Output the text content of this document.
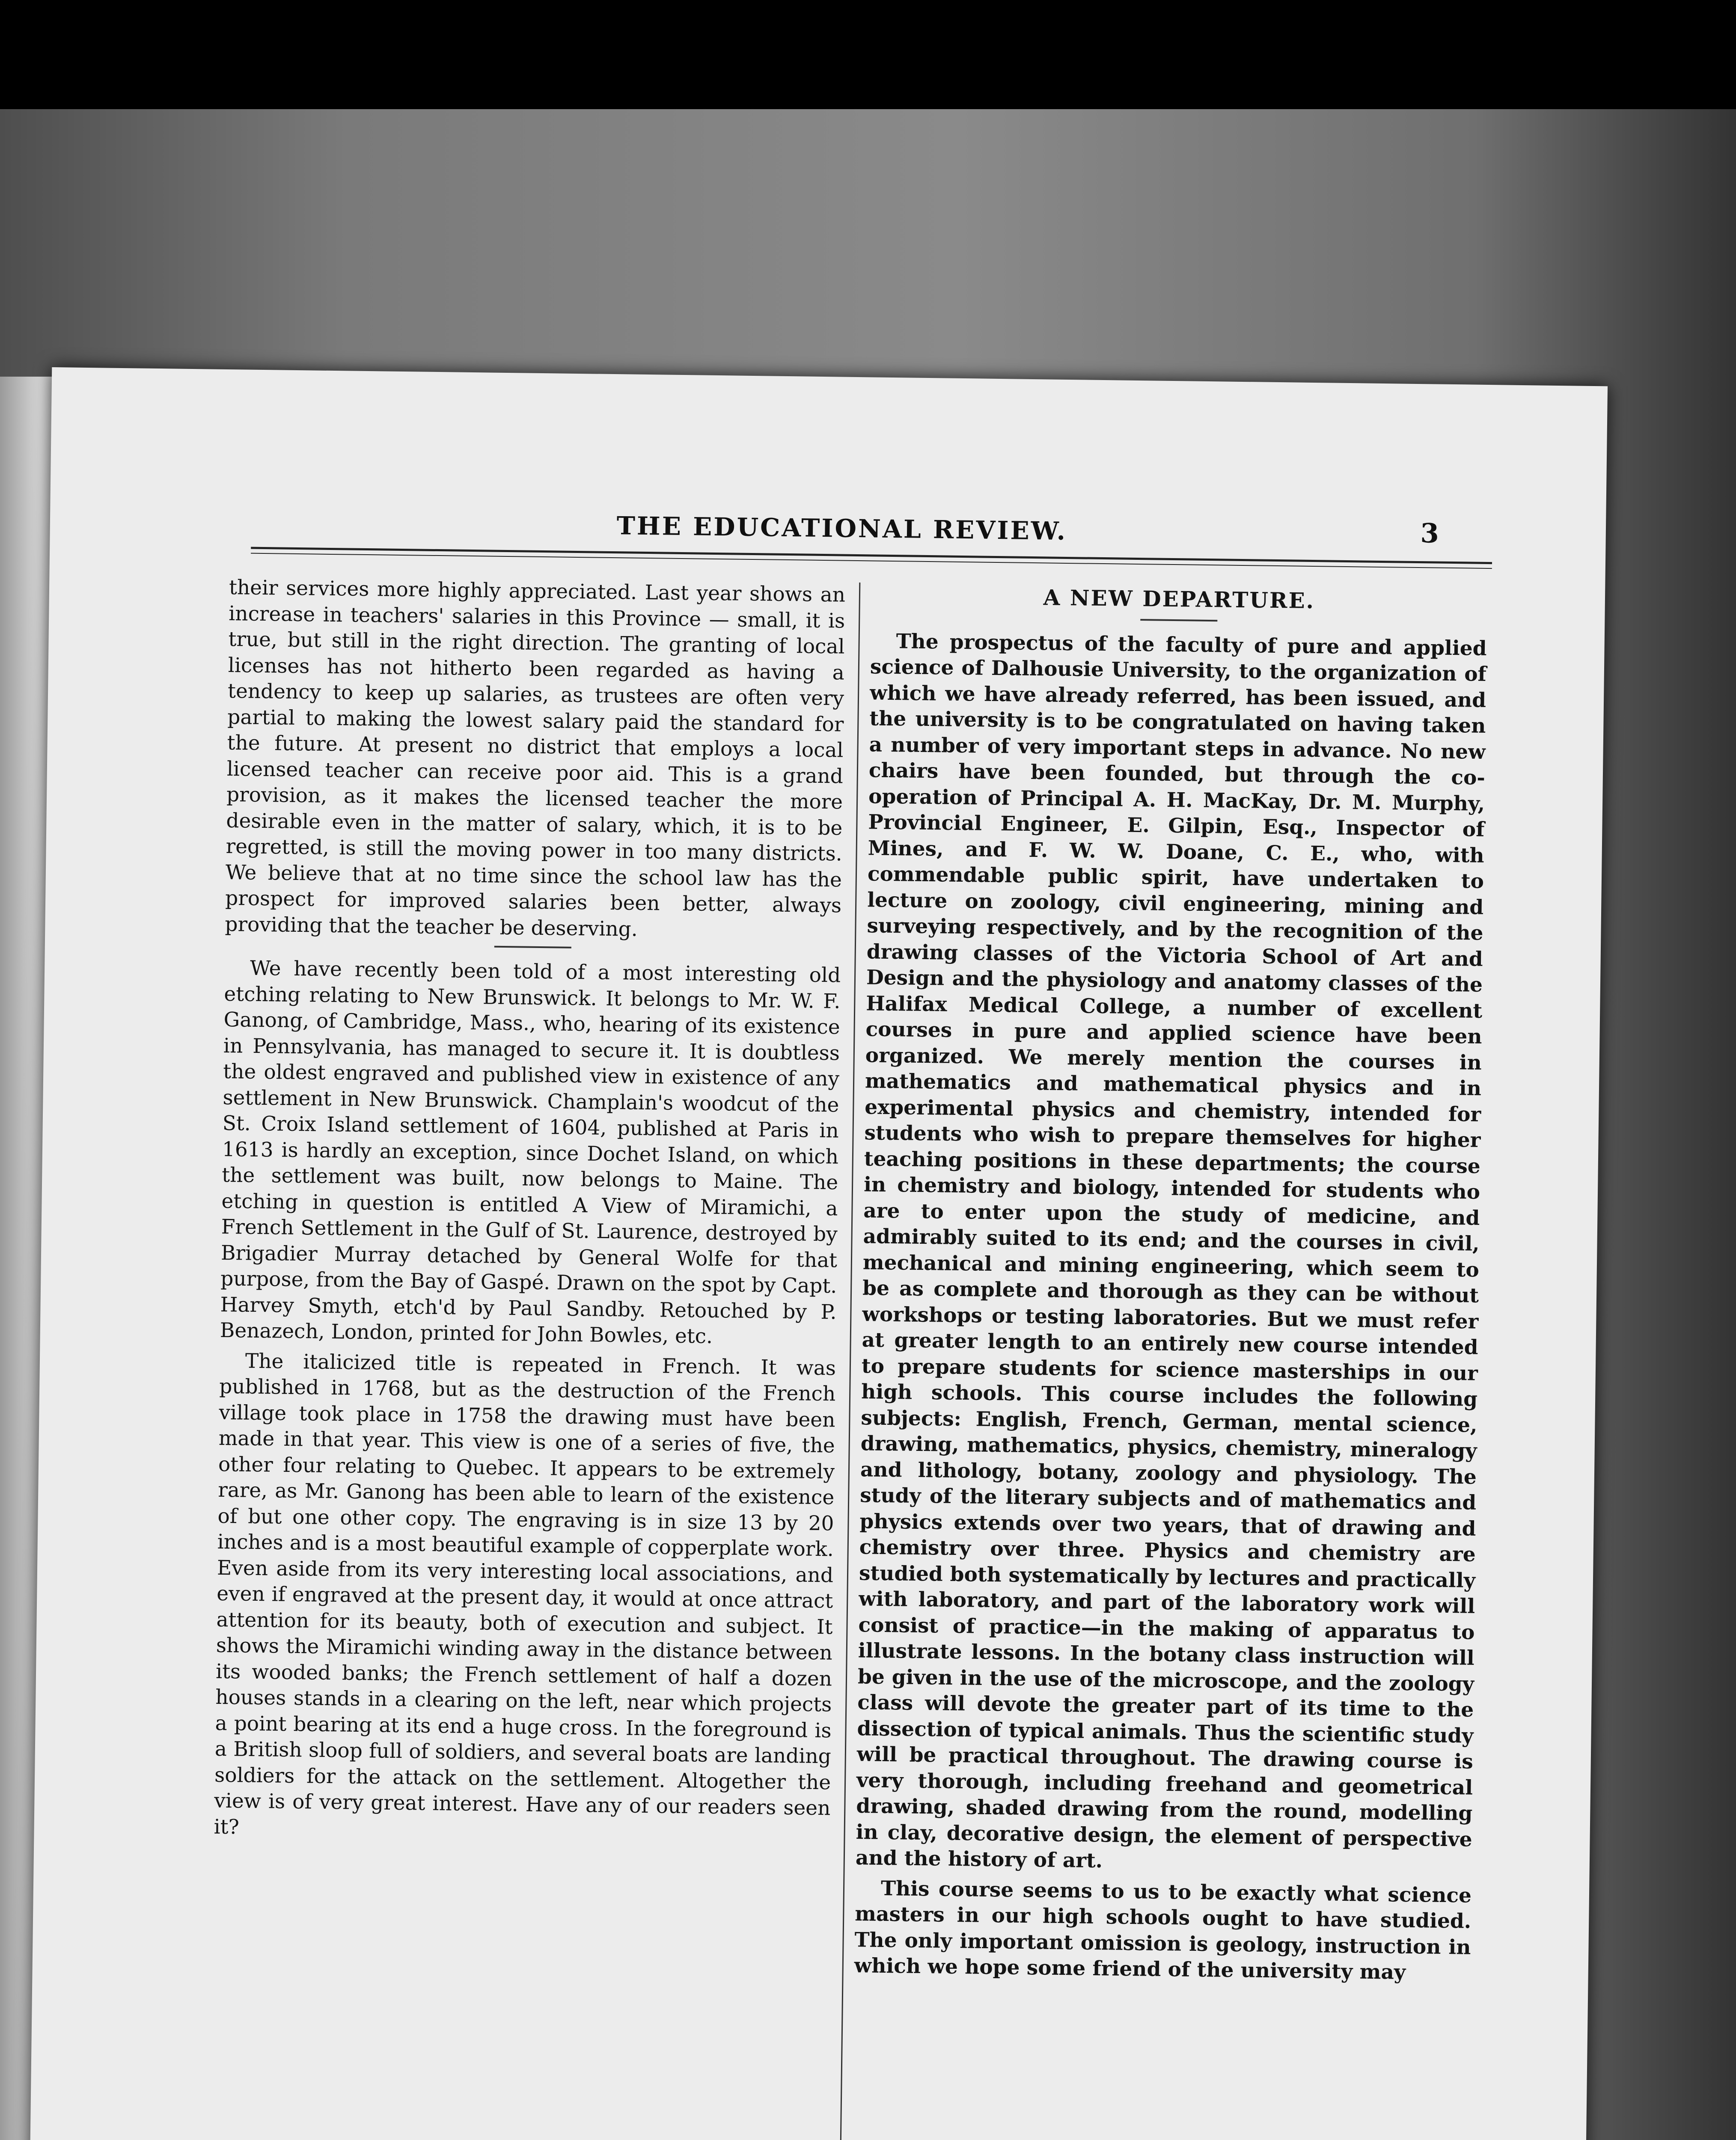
THE EDUCATIONAL REVIEW.	3

their services more highly appreciated. Last year shows an increase in teachers' salaries in this Province — small, it is true, but still in the right direction. The granting of local licenses has not hitherto been regarded as having a tendency to keep up salaries, as trustees are often very partial to making the lowest salary paid the standard for the future. At present no district that employs a local licensed teacher can receive poor aid. This is a grand provision, as it makes the licensed teacher the more desirable even in the matter of salary, which, it is to be regretted, is still the moving power in too many districts. We believe that at no time since the school law has the prospect for improved salaries been better, always providing that the teacher be deserving.

We have recently been told of a most interesting old etching relating to New Brunswick. It belongs to Mr. W. F. Ganong, of Cambridge, Mass., who, hearing of its existence in Pennsylvania, has managed to secure it. It is doubtless the oldest engraved and published view in existence of any settlement in New Brunswick. Champlain's woodcut of the St. Croix Island settlement of 1604, published at Paris in 1613 is hardly an exception, since Dochet Island, on which the settlement was built, now belongs to Maine. The etching in question is entitled A View of Miramichi, a French Settlement in the Gulf of St. Laurence, destroyed by Brigadier Murray detached by General Wolfe for that purpose, from the Bay of Gaspé. Drawn on the spot by Capt. Harvey Smyth, etch'd by Paul Sandby. Retouched by P. Benazech, London, printed for John Bowles, etc.

The italicized title is repeated in French. It was published in 1768, but as the destruction of the French village took place in 1758 the drawing must have been made in that year. This view is one of a series of five, the other four relating to Quebec. It appears to be extremely rare, as Mr. Ganong has been able to learn of the existence of but one other copy. The engraving is in size 13 by 20 inches and is a most beautiful example of copperplate work. Even aside from its very interesting local associations, and even if engraved at the present day, it would at once attract attention for its beauty, both of execution and subject. It shows the Miramichi winding away in the distance between its wooded banks; the French settlement of half a dozen houses stands in a clearing on the left, near which projects a point bearing at its end a huge cross. In the foreground is a British sloop full of soldiers, and several boats are landing soldiers for the attack on the settlement. Altogether the view is of very great interest. Have any of our readers seen it?

A NEW DEPARTURE.

The prospectus of the faculty of pure and applied science of Dalhousie University, to the organization of which we have already referred, has been issued, and the university is to be congratulated on having taken a number of very important steps in advance. No new chairs have been founded, but through the co-operation of Principal A. H. MacKay, Dr. M. Murphy, Provincial Engineer, E. Gilpin, Esq., Inspector of Mines, and F. W. W. Doane, C. E., who, with commendable public spirit, have undertaken to lecture on zoology, civil engineering, mining and surveying respectively, and by the recognition of the drawing classes of the Victoria School of Art and Design and the physiology and anatomy classes of the Halifax Medical College, a number of excellent courses in pure and applied science have been organized. We merely mention the courses in mathematics and mathematical physics and in experimental physics and chemistry, intended for students who wish to prepare themselves for higher teaching positions in these departments; the course in chemistry and biology, intended for students who are to enter upon the study of medicine, and admirably suited to its end; and the courses in civil, mechanical and mining engineering, which seem to be as complete and thorough as they can be without workshops or testing laboratories. But we must refer at greater length to an entirely new course intended to prepare students for science masterships in our high schools. This course includes the following subjects: English, French, German, mental science, drawing, mathematics, physics, chemistry, mineralogy and lithology, botany, zoology and physiology. The study of the literary subjects and of mathematics and physics extends over two years, that of drawing and chemistry over three. Physics and chemistry are studied both systematically by lectures and practically with laboratory, and part of the laboratory work will consist of practice—in the making of apparatus to illustrate lessons. In the botany class instruction will be given in the use of the microscope, and the zoology class will devote the greater part of its time to the dissection of typical animals. Thus the scientific study will be practical throughout. The drawing course is very thorough, including freehand and geometrical drawing, shaded drawing from the round, modelling in clay, decorative design, the element of perspective and the history of art.

This course seems to us to be exactly what science masters in our high schools ought to have studied. The only important omission is geology, instruction in which we hope some friend of the university may
